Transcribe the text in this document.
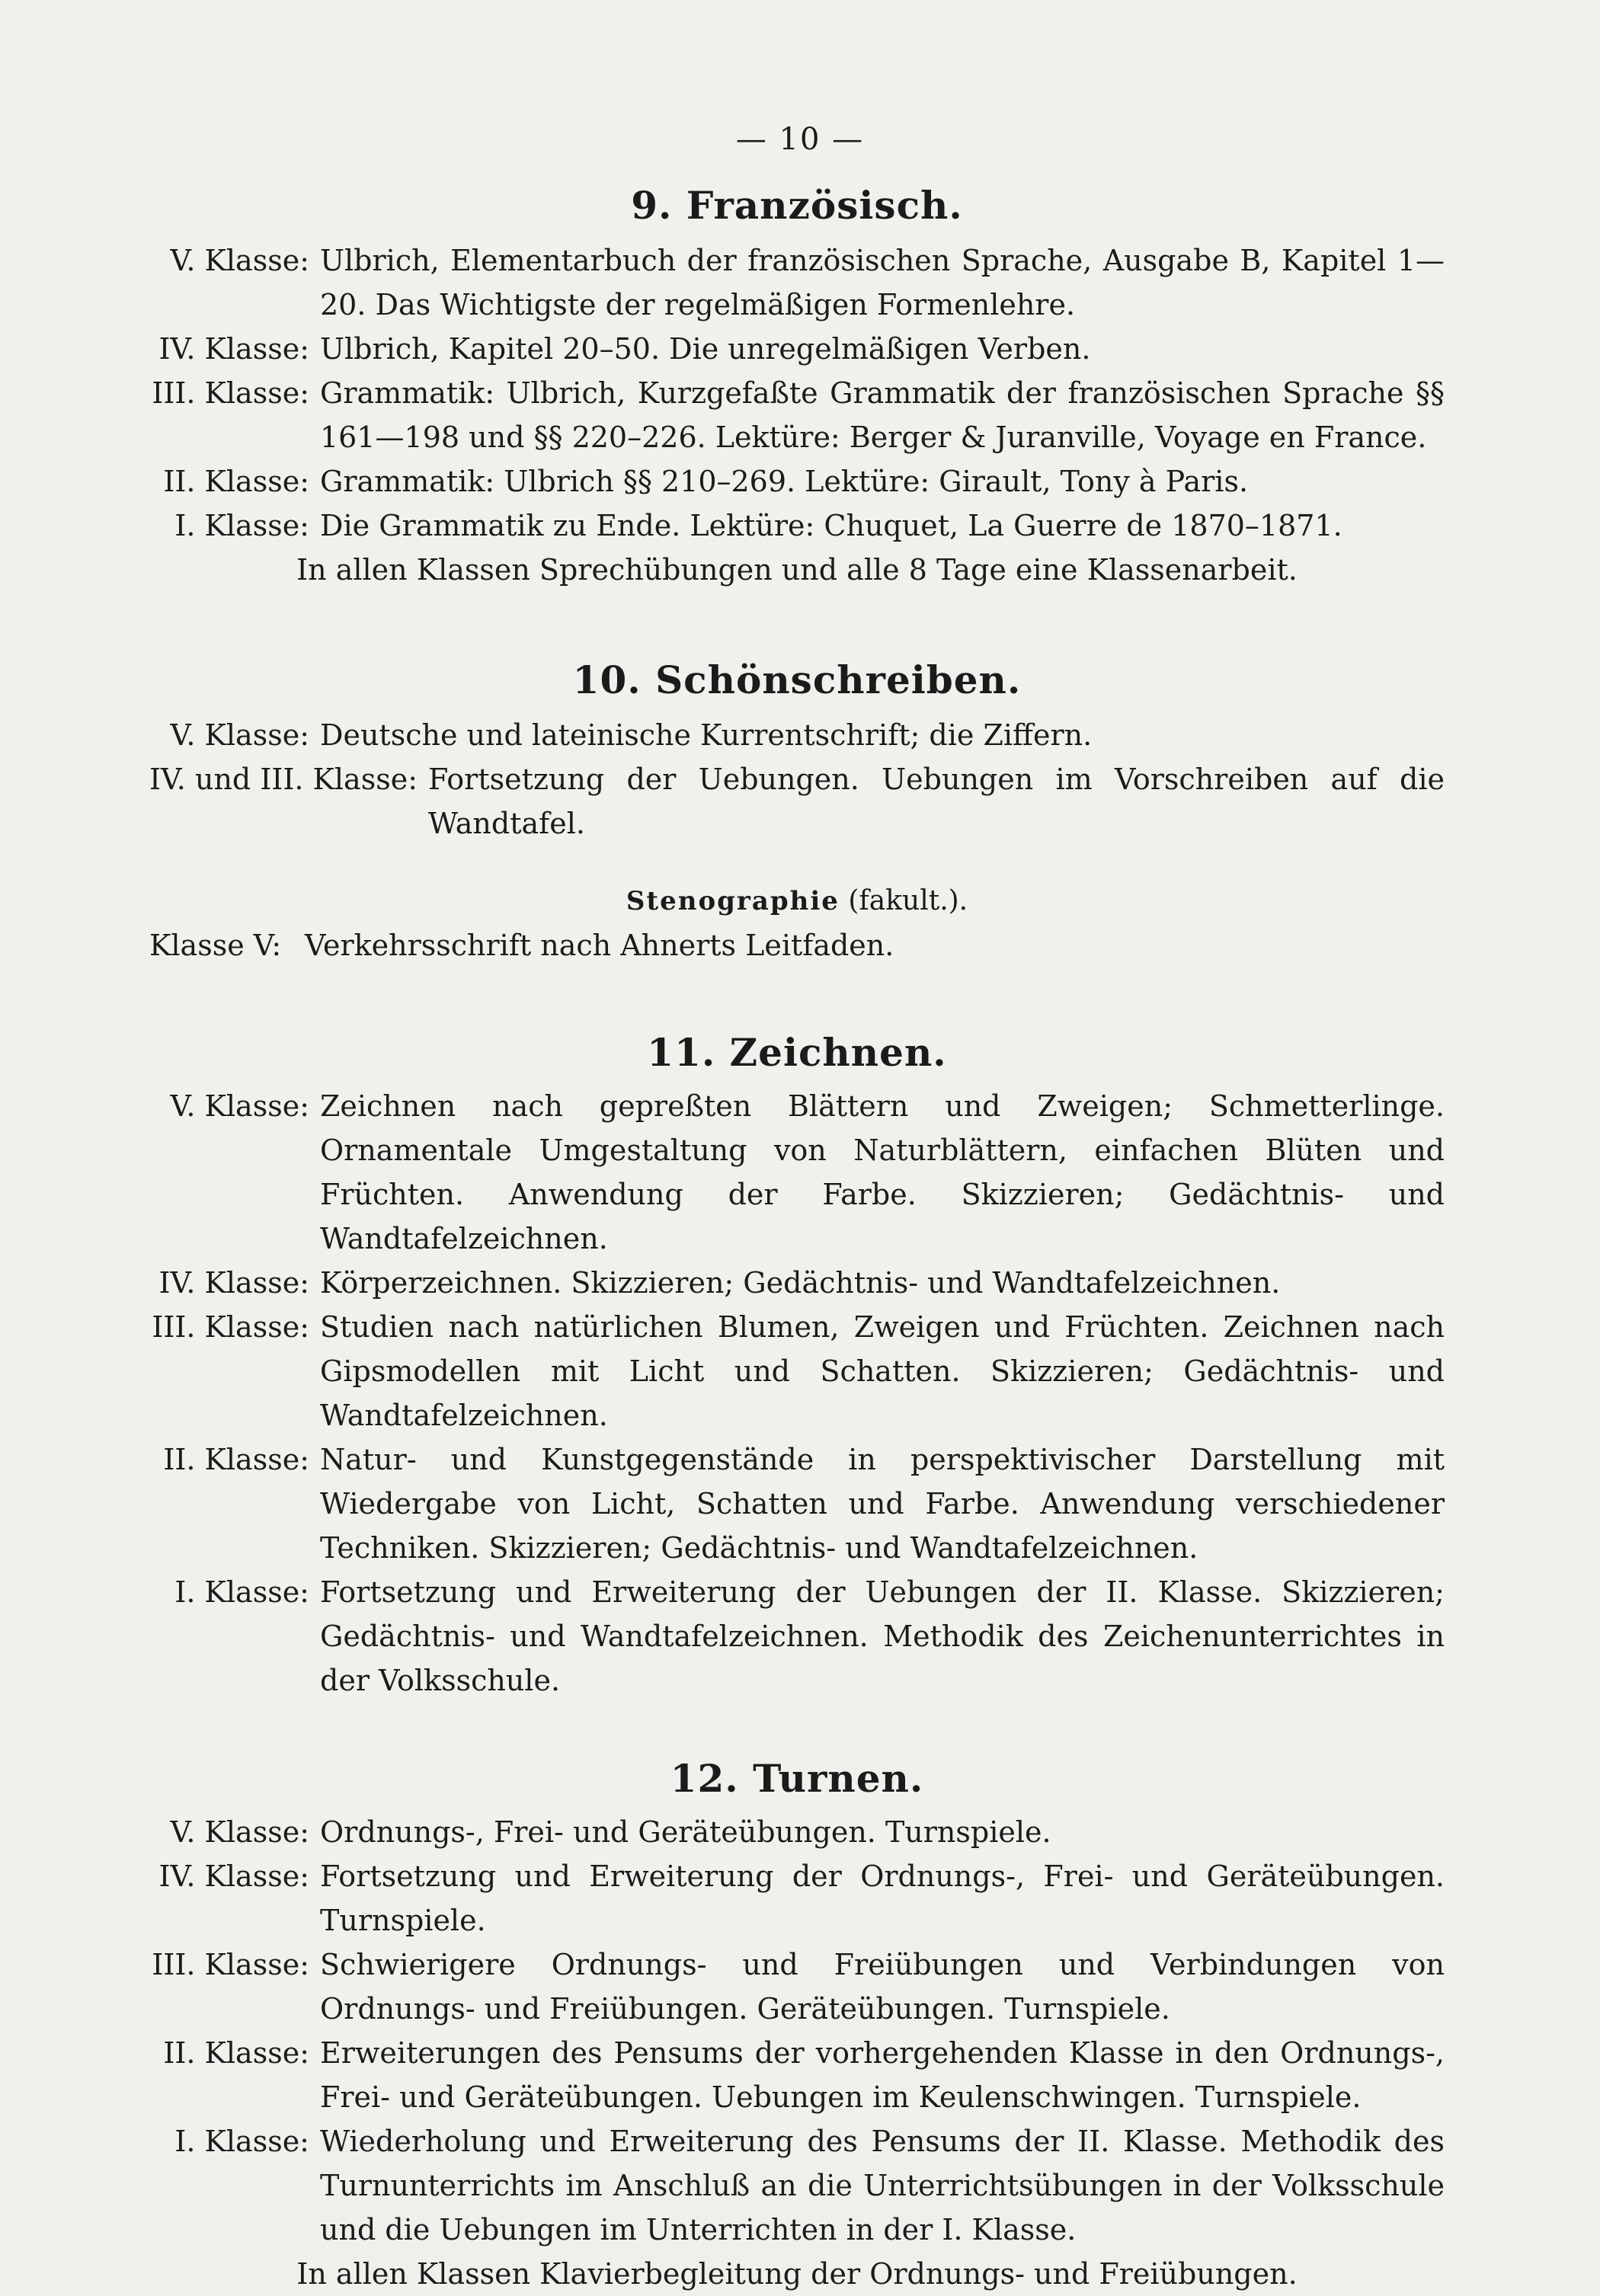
— 10 —
9. Französisch.
V. Klasse: Ulbrich, Elementarbuch der französischen Sprache, Ausgabe B, Kapitel 1—20. Das Wichtigste der regelmäßigen Formenlehre.
IV. Klasse: Ulbrich, Kapitel 20–50. Die unregelmäßigen Verben.
III. Klasse: Grammatik: Ulbrich, Kurzgefaßte Grammatik der französischen Sprache §§ 161—198 und §§ 220–226. Lektüre: Berger & Juranville, Voyage en France.
II. Klasse: Grammatik: Ulbrich §§ 210–269. Lektüre: Girault, Tony à Paris.
I. Klasse: Die Grammatik zu Ende. Lektüre: Chuquet, La Guerre de 1870–1871.
In allen Klassen Sprechübungen und alle 8 Tage eine Klassenarbeit.
10. Schönschreiben.
V. Klasse: Deutsche und lateinische Kurrentschrift; die Ziffern.
IV. und III. Klasse: Fortsetzung der Uebungen. Uebungen im Vorschreiben auf die Wandtafel.
Stenographie (fakult.).
Klasse V: Verkehrsschrift nach Ahnerts Leitfaden.
11. Zeichnen.
V. Klasse: Zeichnen nach gepreßten Blättern und Zweigen; Schmetterlinge. Ornamentale Umgestaltung von Naturblättern, einfachen Blüten und Früchten. Anwendung der Farbe. Skizzieren; Gedächtnis- und Wandtafelzeichnen.
IV. Klasse: Körperzeichnen. Skizzieren; Gedächtnis- und Wandtafelzeichnen.
III. Klasse: Studien nach natürlichen Blumen, Zweigen und Früchten. Zeichnen nach Gipsmodellen mit Licht und Schatten. Skizzieren; Gedächtnis- und Wandtafelzeichnen.
II. Klasse: Natur- und Kunstgegenstände in perspektivischer Darstellung mit Wiedergabe von Licht, Schatten und Farbe. Anwendung verschiedener Techniken. Skizzieren; Gedächtnis- und Wandtafelzeichnen.
I. Klasse: Fortsetzung und Erweiterung der Uebungen der II. Klasse. Skizzieren; Gedächtnis- und Wandtafelzeichnen. Methodik des Zeichenunterrichtes in der Volksschule.
12. Turnen.
V. Klasse: Ordnungs-, Frei- und Geräteübungen. Turnspiele.
IV. Klasse: Fortsetzung und Erweiterung der Ordnungs-, Frei- und Geräteübungen. Turnspiele.
III. Klasse: Schwierigere Ordnungs- und Freiübungen und Verbindungen von Ordnungs- und Freiübungen. Geräteübungen. Turnspiele.
II. Klasse: Erweiterungen des Pensums der vorhergehenden Klasse in den Ordnungs-, Frei- und Geräteübungen. Uebungen im Keulenschwingen. Turnspiele.
I. Klasse: Wiederholung und Erweiterung des Pensums der II. Klasse. Methodik des Turnunterrichts im Anschluß an die Unterrichtsübungen in der Volksschule und die Uebungen im Unterrichten in der I. Klasse.
In allen Klassen Klavierbegleitung der Ordnungs- und Freiübungen.
